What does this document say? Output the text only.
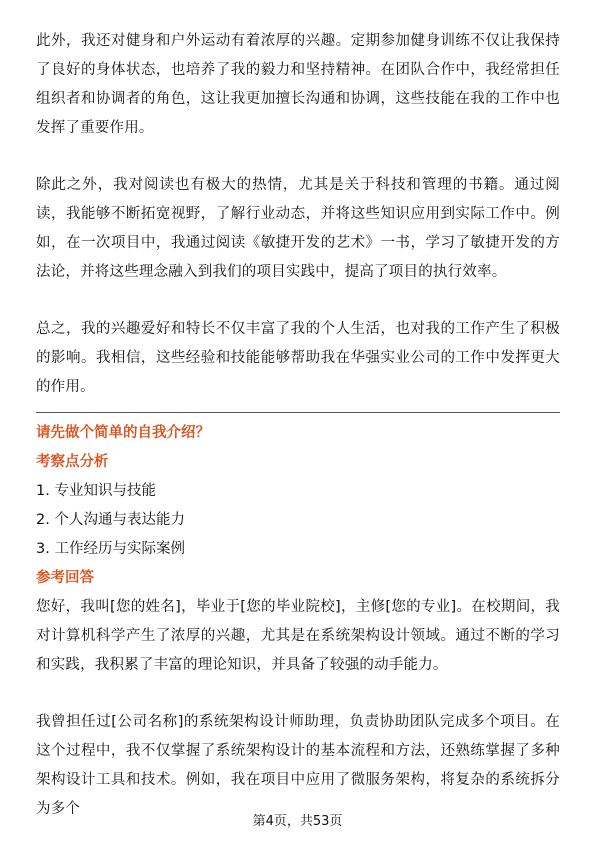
此外，我还对健身和户外运动有着浓厚的兴趣。定期参加健身训练不仅让我保持了良好的身体状态，也培养了我的毅力和坚持精神。在团队合作中，我经常担任组织者和协调者的角色，这让我更加擅长沟通和协调，这些技能在我的工作中也发挥了重要作用。

除此之外，我对阅读也有极大的热情，尤其是关于科技和管理的书籍。通过阅读，我能够不断拓宽视野，了解行业动态，并将这些知识应用到实际工作中。例如，在一次项目中，我通过阅读《敏捷开发的艺术》一书，学习了敏捷开发的方法论，并将这些理念融入到我们的项目实践中，提高了项目的执行效率。

总之，我的兴趣爱好和特长不仅丰富了我的个人生活，也对我的工作产生了积极的影响。我相信，这些经验和技能能够帮助我在华强实业公司的工作中发挥更大的作用。

请先做个简单的自我介绍？

考察点分析

1. 专业知识与技能

2. 个人沟通与表达能力

3. 工作经历与实际案例

参考回答

您好，我叫[您的姓名]，毕业于[您的毕业院校]，主修[您的专业]。在校期间，我对计算机科学产生了浓厚的兴趣，尤其是在系统架构设计领域。通过不断的学习和实践，我积累了丰富的理论知识，并具备了较强的动手能力。

我曾担任过[公司名称]的系统架构设计师助理，负责协助团队完成多个项目。在这个过程中，我不仅掌握了系统架构设计的基本流程和方法，还熟练掌握了多种架构设计工具和技术。例如，我在项目中应用了微服务架构，将复杂的系统拆分为多个

第4页，共53页
